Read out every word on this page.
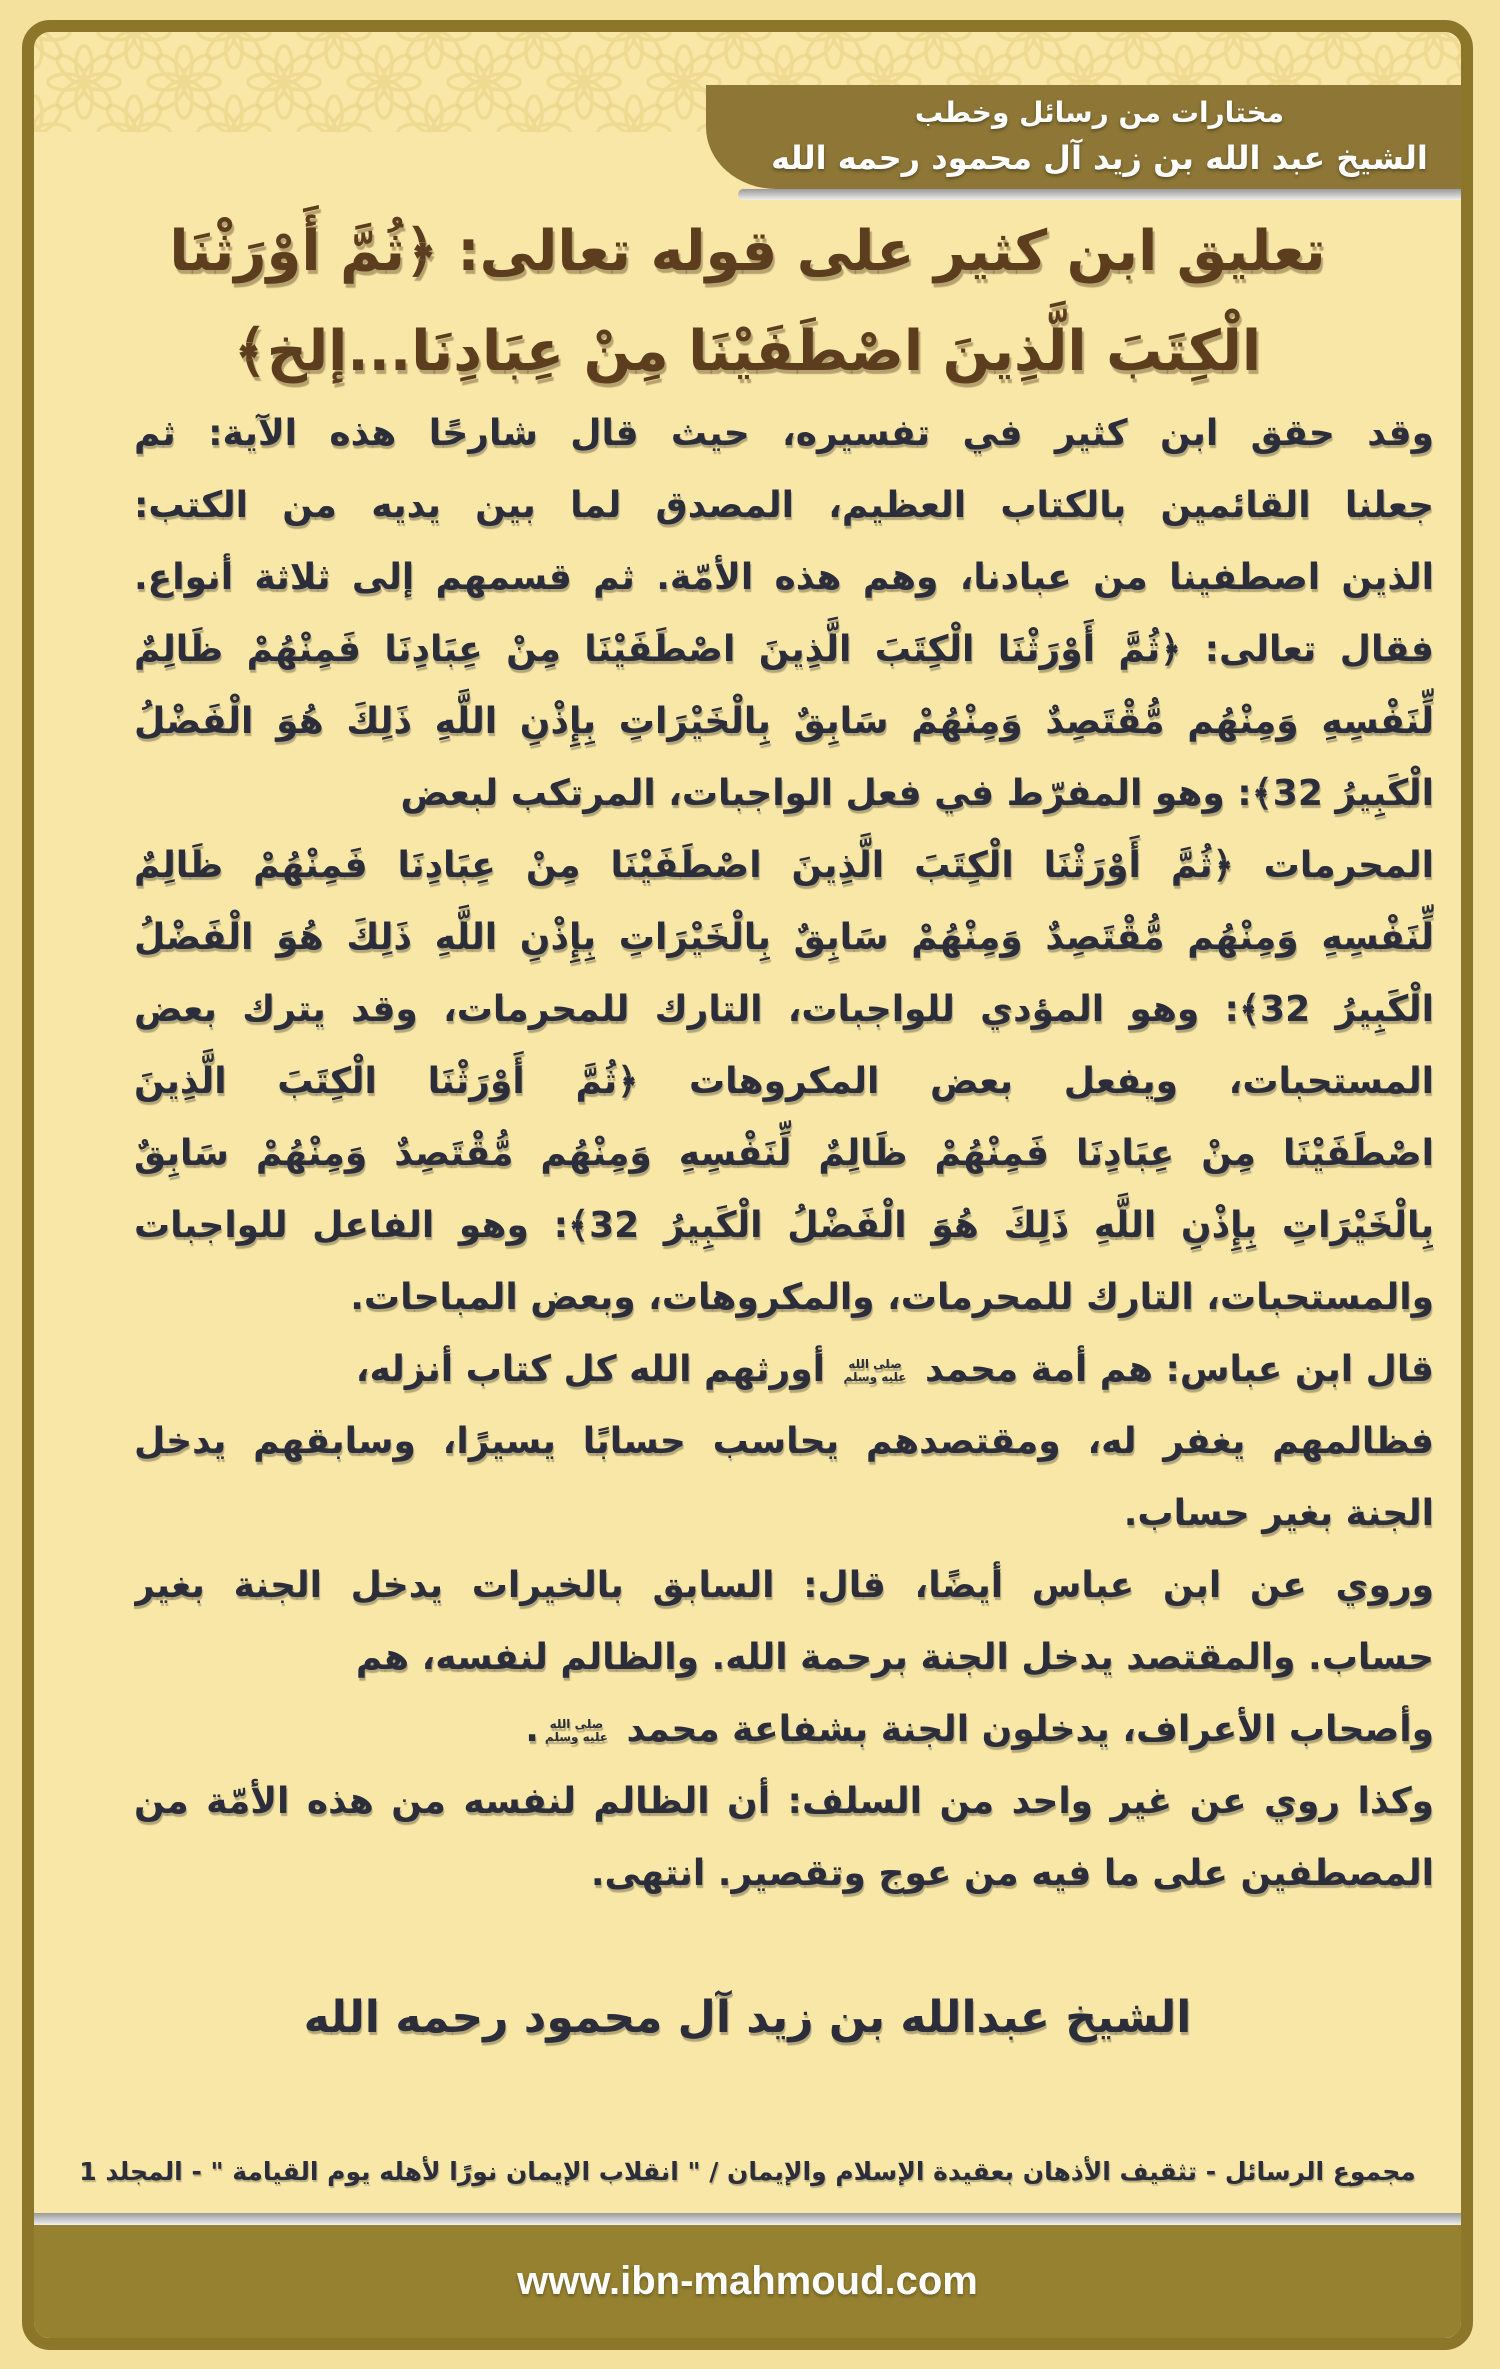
مختارات من رسائل وخطب
الشيخ عبد الله بن زيد آل محمود رحمه الله
تعليق ابن كثير على قوله تعالى: ﴿ثُمَّ أَوْرَثْنَا
الْكِتَبَ الَّذِينَ اصْطَفَيْنَا مِنْ عِبَادِنَا...إلخ﴾
وقد حقق ابن كثير في تفسيره، حيث قال شارحًا هذه الآية: ثم
جعلنا القائمين بالكتاب العظيم، المصدق لما بين يديه من الكتب:
الذين اصطفينا من عبادنا، وهم هذه الأمّة. ثم قسمهم إلى ثلاثة أنواع.
فقال تعالى: ﴿ثُمَّ أَوْرَثْنَا الْكِتَبَ الَّذِينَ اصْطَفَيْنَا مِنْ عِبَادِنَا فَمِنْهُمْ ظَالِمٌ
لِّنَفْسِهِ وَمِنْهُم مُّقْتَصِدٌ وَمِنْهُمْ سَابِقٌ بِالْخَيْرَاتِ بِإِذْنِ اللَّهِ ذَلِكَ هُوَ الْفَضْلُ
الْكَبِيرُ 32﴾: وهو المفرّط في فعل الواجبات، المرتكب لبعض
المحرمات ﴿ثُمَّ أَوْرَثْنَا الْكِتَبَ الَّذِينَ اصْطَفَيْنَا مِنْ عِبَادِنَا فَمِنْهُمْ ظَالِمٌ
لِّنَفْسِهِ وَمِنْهُم مُّقْتَصِدٌ وَمِنْهُمْ سَابِقٌ بِالْخَيْرَاتِ بِإِذْنِ اللَّهِ ذَلِكَ هُوَ الْفَضْلُ
الْكَبِيرُ 32﴾: وهو المؤدي للواجبات، التارك للمحرمات، وقد يترك بعض
المستحبات، ويفعل بعض المكروهات ﴿ثُمَّ أَوْرَثْنَا الْكِتَبَ الَّذِينَ
اصْطَفَيْنَا مِنْ عِبَادِنَا فَمِنْهُمْ ظَالِمٌ لِّنَفْسِهِ وَمِنْهُم مُّقْتَصِدٌ وَمِنْهُمْ سَابِقٌ
بِالْخَيْرَاتِ بِإِذْنِ اللَّهِ ذَلِكَ هُوَ الْفَضْلُ الْكَبِيرُ 32﴾: وهو الفاعل للواجبات
والمستحبات، التارك للمحرمات، والمكروهات، وبعض المباحات.
قال ابن عباس: هم أمة محمد
صلى الله
عليه وسلم
أورثهم الله كل كتاب أنزله،
فظالمهم يغفر له، ومقتصدهم يحاسب حسابًا يسيرًا، وسابقهم يدخل
الجنة بغير حساب.
وروي عن ابن عباس أيضًا، قال: السابق بالخيرات يدخل الجنة بغير
حساب. والمقتصد يدخل الجنة برحمة الله. والظالم لنفسه، هم
وأصحاب الأعراف، يدخلون الجنة بشفاعة محمد
صلى الله
عليه وسلم
.
وكذا روي عن غير واحد من السلف: أن الظالم لنفسه من هذه الأمّة من
المصطفين على ما فيه من عوج وتقصير. انتهى.
الشيخ عبدالله بن زيد آل محمود رحمه الله
مجموع الرسائل - تثقيف الأذهان بعقيدة الإسلام والإيمان / " انقلاب الإيمان نورًا لأهله يوم القيامة " - المجلد 1
www.ibn-mahmoud.com
